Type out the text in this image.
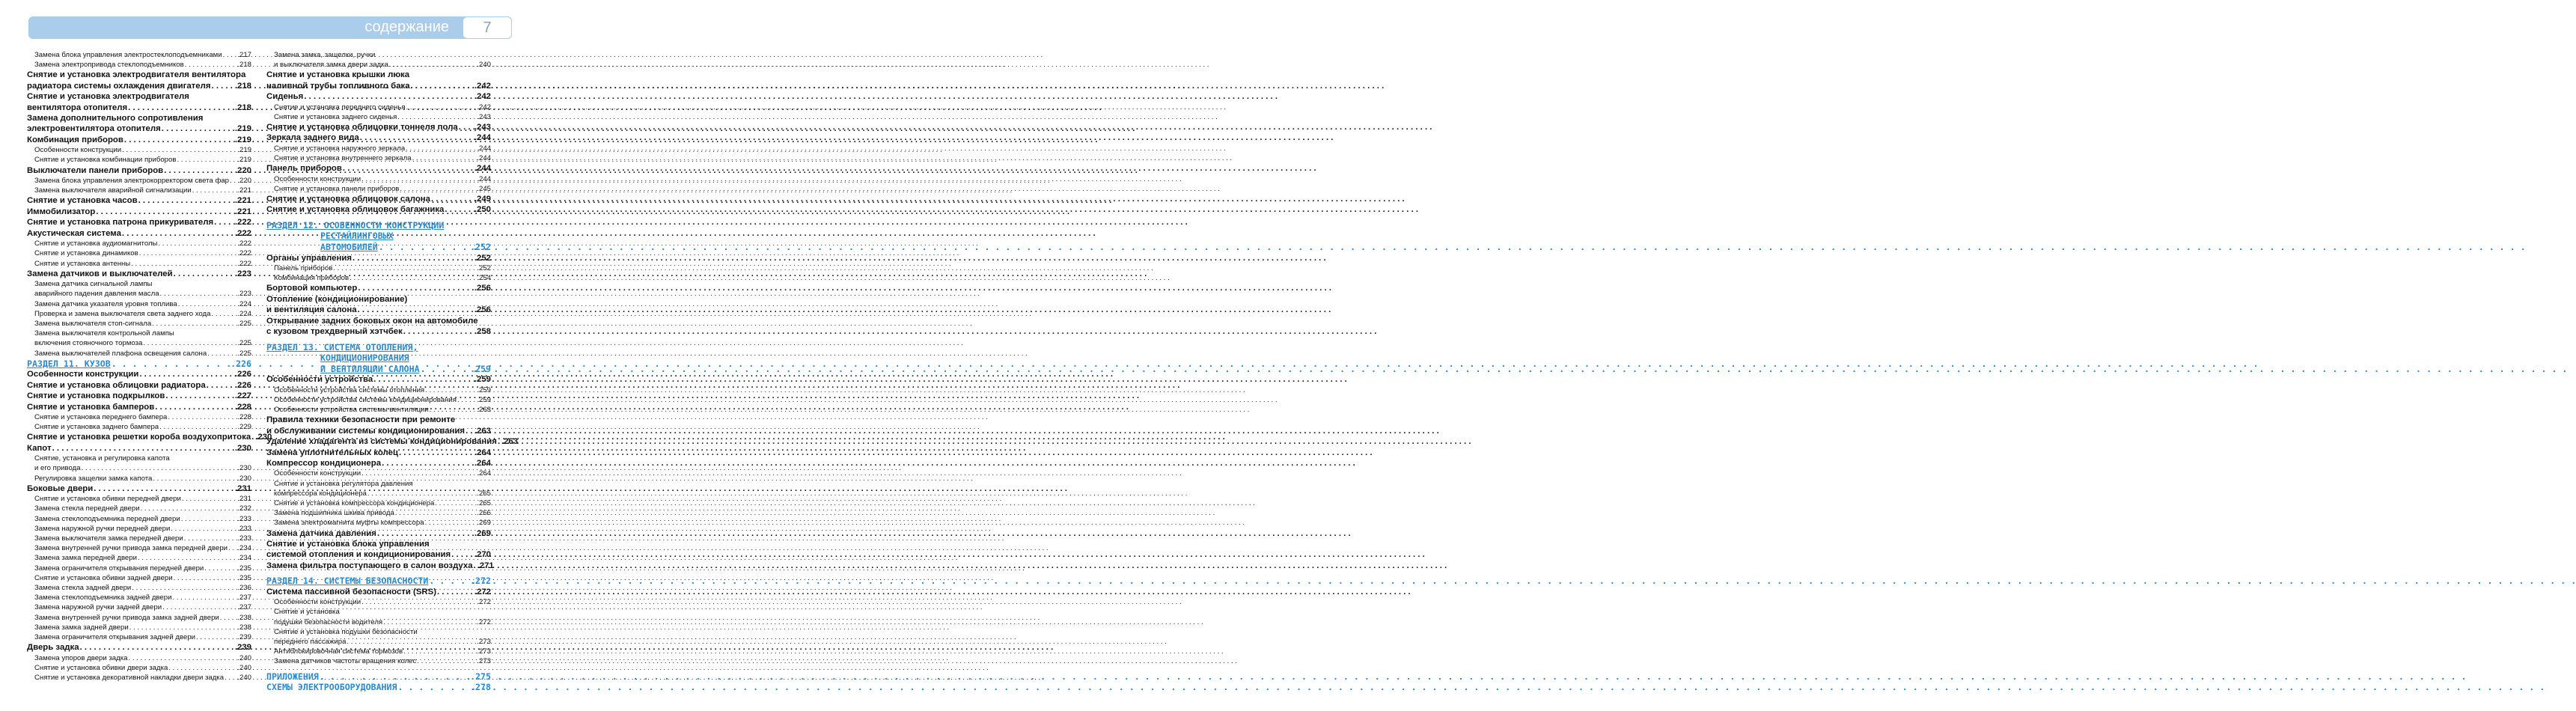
содержание	7
Замена блока управления электростеклоподъемниками . . . .217
Замена электропривода стеклоподъемников . . .	.218
Снятие и установка электродвигателя вентилятора
радиатора системы охлаждения двигателя . . .	.218
Снятие и установка электродвигателя
вентилятора отопителя . . .	.218
Замена дополнительного сопротивления
электровентилятора отопителя . . .	.219
Комбинация приборов . . .	.219
Особенности конструкции . . .	.219
Снятие и установка комбинации приборов . . .	.219
Выключатели панели приборов . . .	.220
Замена блока управления электрокорректором света фар . . . .220
Замена выключателя аварийной сигнализации . . .	.221
Снятие и установка часов . . .	.221
Иммобилизатор . . .	.221
Снятие и установка патрона прикуривателя . . .	.222
Акустическая система . . .	.222
Снятие и установка аудиомагнитолы . . .	.222
Снятие и установка динамиков . . .	.222
Снятие и установка антенны . . .	.222
Замена датчиков и выключателей . . .	.223
Замена датчика сигнальной лампы
аварийного падения давления масла . . .	.223
Замена датчика указателя уровня топлива . . .	.224
Проверка и замена выключателя света заднего хода . . .	.224
Замена выключателя стоп-сигнала . . .	.225
Замена выключателя контрольной лампы
включения стояночного тормоза . . .	.225
Замена выключателей плафона освещения салона . . .	.225
РАЗДЕЛ 11. КУЗОВ . . .	.226
Особенности конструкции . . .	.226
Снятие и установка облицовки радиатора . . .	.226
Снятие и установка подкрылков . . .	.227
Снятие и установка бамперов . . .	.228
Снятие и установка переднего бампера . . .	.228
Снятие и установка заднего бампера . . .	.229
Снятие и установка решетки короба воздухопритока . . . .230
Капот . . .	.230
Снятие, установка и регулировка капота
и его привода . . .	.230
Регулировка защелки замка капота . . .	.230
Боковые двери . . .	.231
Снятие и установка обивки передней двери . . .	.231
Замена стекла передней двери . . .	.232
Замена стеклоподъемника передней двери . . .	.233
Замена наружной ручки передней двери . . .	.233
Замена выключателя замка передней двери . . .	.233
Замена внутренней ручки привода замка передней двери . . . .234
Замена замка передней двери . . .	.234
Замена ограничителя открывания передней двери . . .	.235
Снятие и установка обивки задней двери . . .	.235
Замена стекла задней двери . . .	.236
Замена стеклоподъемника задней двери . . .	.237
Замена наружной ручки задней двери . . .	.237
Замена внутренней ручки привода замка задней двери . . .	.238
Замена замка задней двери . . .	.238
Замена ограничителя открывания задней двери . . .	.239
Дверь задка . . .	.239
Замена упоров двери задка . . .	.240
Снятие и установка обивки двери задка . . .	.240
Снятие и установка декоративной накладки двери задка . . . .240
Замена замка, защелки, ручки
и выключателя замка двери задка . . .	.240
Снятие и установка крышки люка
наливной трубы топливного бака . . .	.242
Сиденья . . .	.242
Снятие и установка переднего сиденья . . .	.242
Снятие и установка заднего сиденья . . .	.243
Снятие и установка облицовки тоннеля пола . . . .243
Зеркала заднего вида . . .	.244
Снятие и установка наружного зеркала . . .	.244
Снятие и установка внутреннего зеркала . . .	.244
Панель приборов . . .	.244
Особенности конструкции . . .	.244
Снятие и установка панели приборов . . .	.245
Снятие и установка облицовок салона . . .	.249
Снятие и установка облицовок багажника . . .	.250
РАЗДЕЛ 12. ОСОБЕННОСТИ КОНСТРУКЦИИ
РЕСТАЙЛИНГОВЫХ
АВТОМОБИЛЕЙ . . .	.252
Органы управления . . .	.252
Панель приборов . . .	.252
Комбинация приборов . . .	.254
Бортовой компьютер . . .	.256
Отопление (кондиционирование)
и вентиляция салона . . .	.256
Открывание задних боковых окон на автомобиле
с кузовом трехдверный хэтчбек . . .	.258
РАЗДЕЛ 13. СИСТЕМА ОТОПЛЕНИЯ,
КОНДИЦИОНИРОВАНИЯ
И ВЕНТИЛЯЦИИ САЛОНА . . .	.259
Особенности устройства . . .	.259
Особенности устройства системы отопления . . .	.259
Особенности устройства системы кондиционирования . . .	.259
Особенности устройства системы вентиляции . . .	.263
Правила техники безопасности при ремонте
и обслуживании системы кондиционирования . . . .263
Удаление хладагента из системы кондиционирования . . . .263
Замена уплотнительных колец . . .	.264
Компрессор кондиционера . . .	.264
Особенности конструкции . . .	.264
Снятие и установка регулятора давления
компрессора кондиционера . . .	.265
Снятие и установка компрессора кондиционера . . .	.265
Замена подшипника шкива привода . . .	.266
Замена электромагнита муфты компрессора . . .	.269
Замена датчика давления . . .	.269
Снятие и установка блока управления
системой отопления и кондиционирования . . .	.270
Замена фильтра поступающего в салон воздуха . . . .271
РАЗДЕЛ 14. СИСТЕМЫ БЕЗОПАСНОСТИ . . .	.272
Система пассивной безопасности (SRS) . . .	.272
Особенности конструкции . . .	.272
Снятие и установка
подушки безопасности водителя . . .	.272
Снятие и установка подушки безопасности
переднего пассажира . . .	.273
Антиблокировочная система тормозов . . .	.273
Замена датчиков частоты вращения колес . . .	.273
ПРИЛОЖЕНИЯ . . .	.275
СХЕМЫ ЭЛЕКТРООБОРУДОВАНИЯ . . .	.278
